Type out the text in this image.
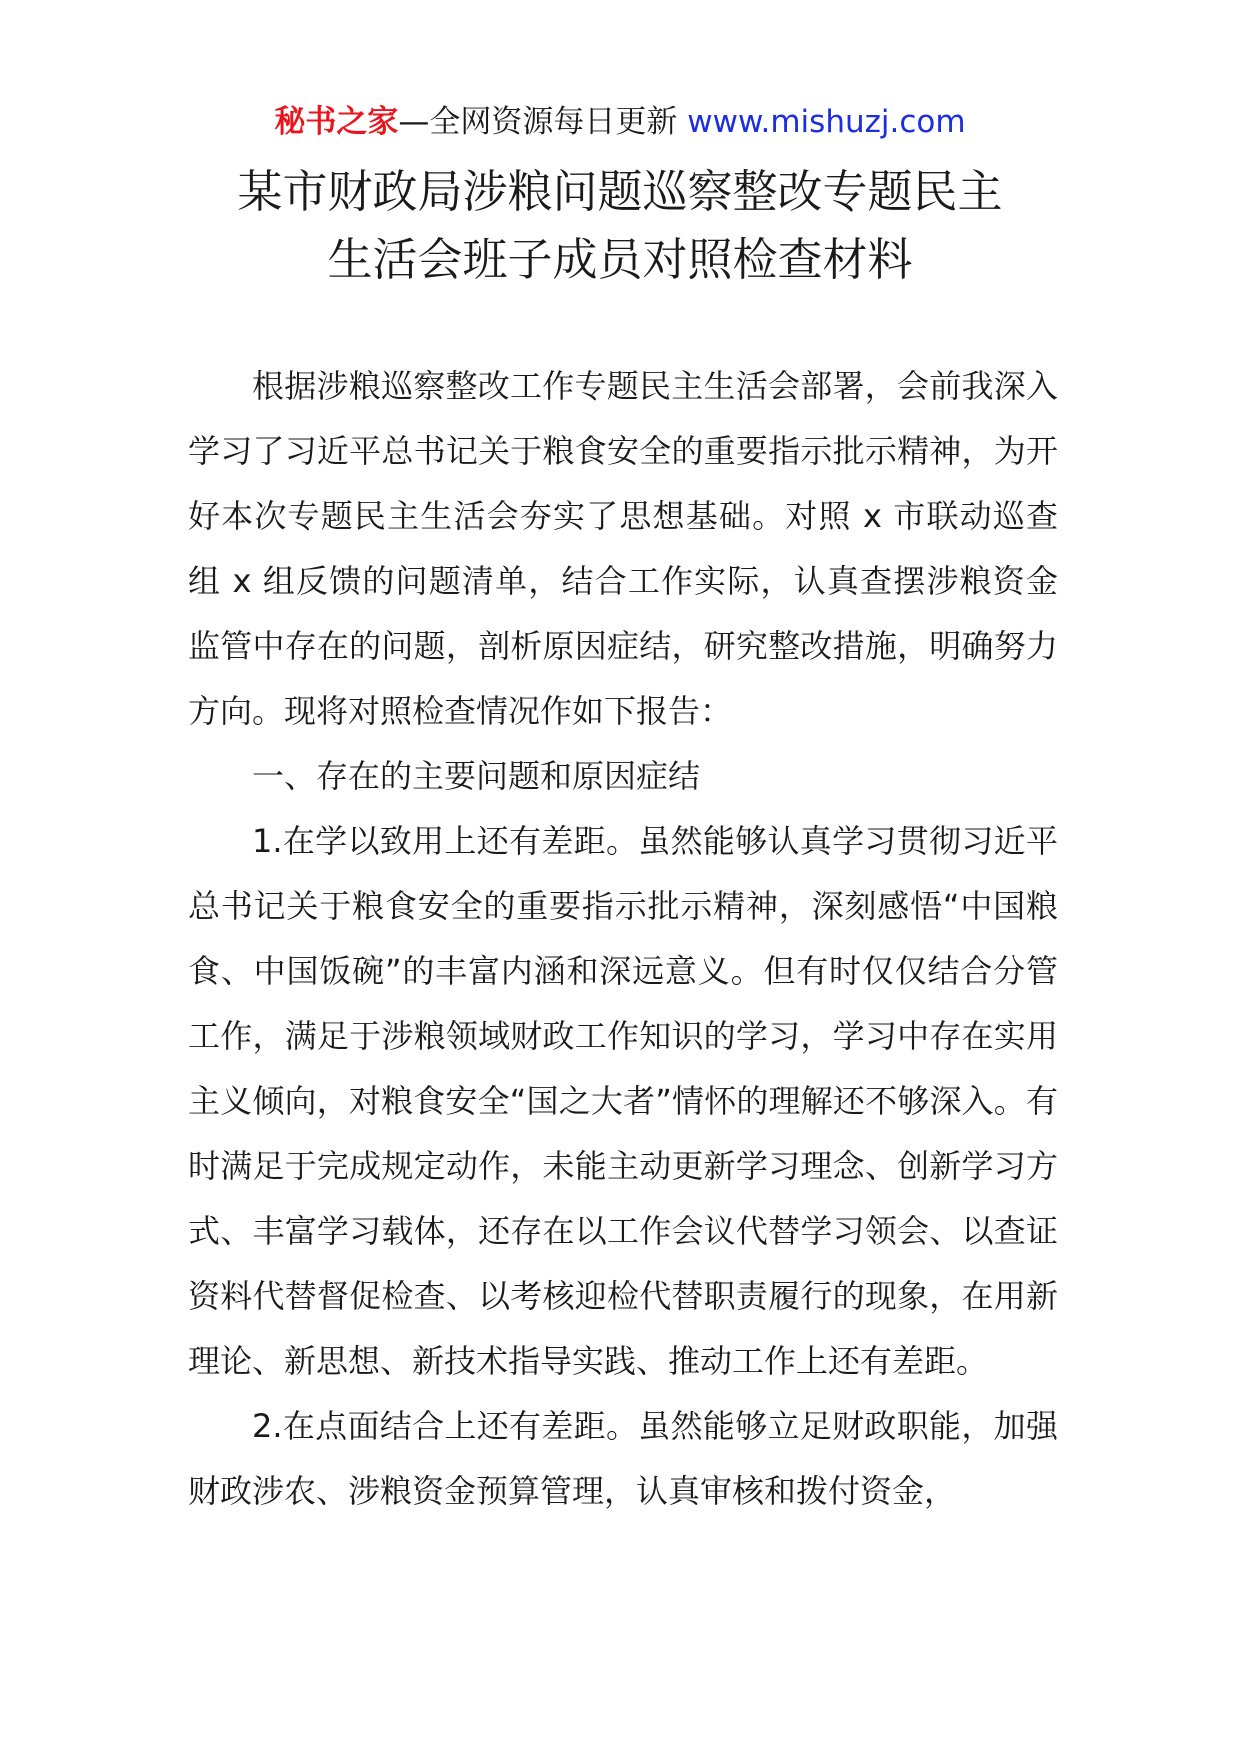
秘书之家—全网资源每日更新 www.mishuzj.com
某市财政局涉粮问题巡察整改专题民主
生活会班子成员对照检查材料

根据涉粮巡察整改工作专题民主生活会部署，会前我深入学习了习近平总书记关于粮食安全的重要指示批示精神，为开好本次专题民主生活会夯实了思想基础。对照 x 市联动巡查组 x 组反馈的问题清单，结合工作实际，认真查摆涉粮资金监管中存在的问题，剖析原因症结，研究整改措施，明确努力方向。现将对照检查情况作如下报告：

一、存在的主要问题和原因症结

1.在学以致用上还有差距。虽然能够认真学习贯彻习近平总书记关于粮食安全的重要指示批示精神，深刻感悟“中国粮食、中国饭碗”的丰富内涵和深远意义。但有时仅仅结合分管工作，满足于涉粮领域财政工作知识的学习，学习中存在实用主义倾向，对粮食安全“国之大者”情怀的理解还不够深入。有时满足于完成规定动作，未能主动更新学习理念、创新学习方式、丰富学习载体，还存在以工作会议代替学习领会、以查证资料代替督促检查、以考核迎检代替职责履行的现象，在用新理论、新思想、新技术指导实践、推动工作上还有差距。

2.在点面结合上还有差距。虽然能够立足财政职能，加强财政涉农、涉粮资金预算管理，认真审核和拨付资金，
